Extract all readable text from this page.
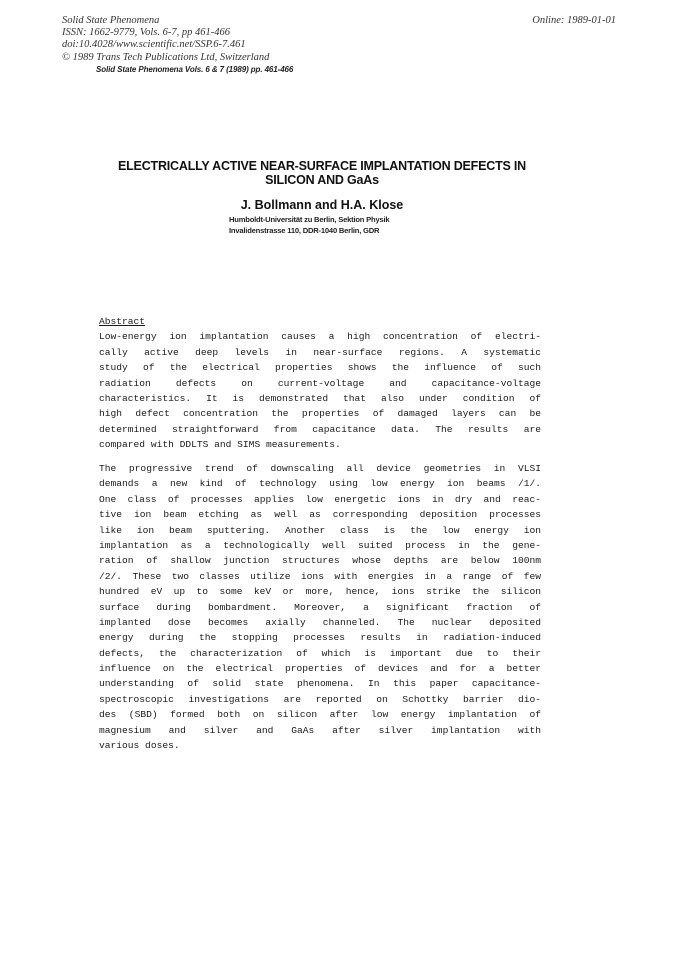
Solid State Phenomena
ISSN: 1662-9779, Vols. 6-7, pp 461-466
doi:10.4028/www.scientific.net/SSP.6-7.461
© 1989 Trans Tech Publications Ltd, Switzerland
Online: 1989-01-01
Solid State Phenomena Vols. 6 & 7 (1989) pp. 461-466
ELECTRICALLY ACTIVE NEAR-SURFACE IMPLANTATION DEFECTS IN
SILICON AND GaAs
J. Bollmann and H.A. Klose
Humboldt-Universität zu Berlin, Sektion Physik
Invalidenstrasse 110, DDR-1040 Berlin, GDR
Abstract
Low-energy ion implantation causes a high concentration of electri-
cally active deep levels in near-surface regions. A systematic
study of the electrical properties shows the influence of such
radiation defects on current-voltage and capacitance-voltage
characteristics. It is demonstrated that also under condition of
high defect concentration the properties of damaged layers can be
determined straightforward from capacitance data. The results are
compared with DDLTS and SIMS measurements.
The progressive trend of downscaling all device geometries in VLSI
demands a new kind of technology using low energy ion beams /1/.
One class of processes applies low energetic ions in dry and reac-
tive ion beam etching as well as corresponding deposition processes
like ion beam sputtering. Another class is the low energy ion
implantation as a technologically well suited process in the gene-
ration of shallow junction structures whose depths are below 100nm
/2/. These two classes utilize ions with energies in a range of few
hundred eV up to some keV or more, hence, ions strike the silicon
surface during bombardment. Moreover, a significant fraction of
implanted dose becomes axially channeled. The nuclear deposited
energy during the stopping processes results in radiation-induced
defects, the characterization of which is important due to their
influence on the electrical properties of devices and for a better
understanding of solid state phenomena. In this paper capacitance-
spectroscopic investigations are reported on Schottky barrier dio-
des (SBD) formed both on silicon after low energy implantation of
magnesium and silver and GaAs after silver implantation with
various doses.
